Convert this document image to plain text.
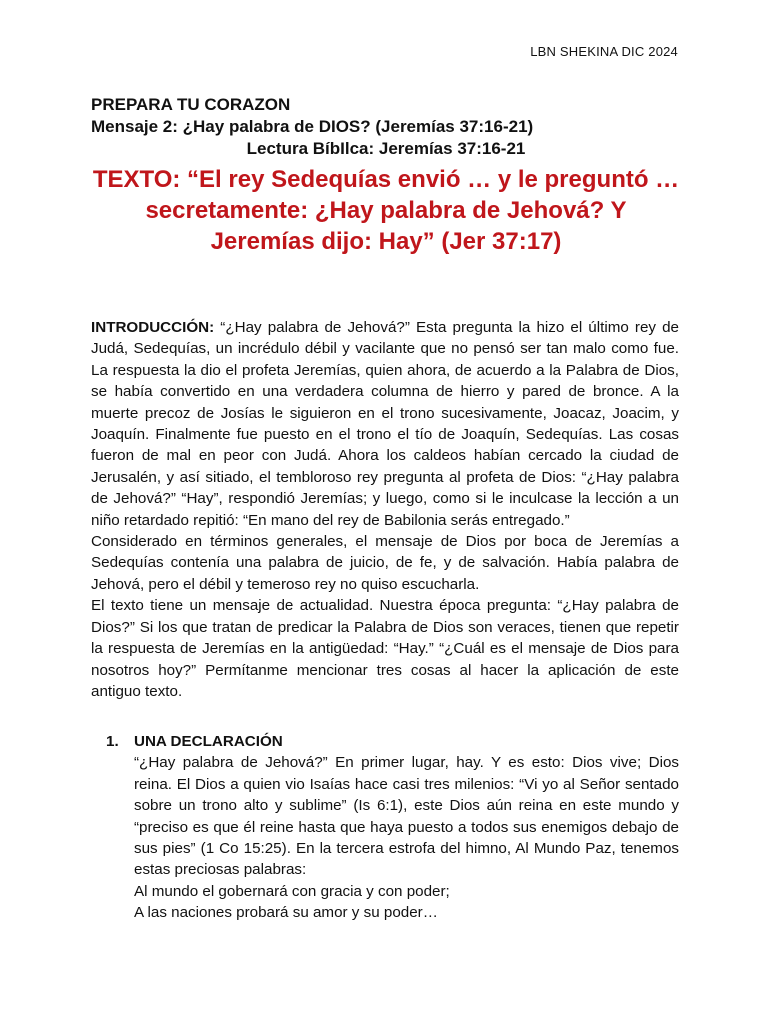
LBN SHEKINA DIC 2024
PREPARA TU CORAZON
Mensaje 2: ¿Hay palabra de DIOS? (Jeremías 37:16-21)
Lectura BíbIlca: Jeremías 37:16-21
TEXTO: “El rey Sedequías envió … y le preguntó … secretamente: ¿Hay palabra de Jehová? Y Jeremías dijo: Hay” (Jer 37:17)

INTRODUCCIÓN: “¿Hay palabra de Jehová?” Esta pregunta la hizo el último rey de Judá, Sedequías, un incrédulo débil y vacilante que no pensó ser tan malo como fue. La respuesta la dio el profeta Jeremías, quien ahora, de acuerdo a la Palabra de Dios, se había convertido en una verdadera columna de hierro y pared de bronce. A la muerte precoz de Josías le siguieron en el trono sucesivamente, Joacaz, Joacim, y Joaquín. Finalmente fue puesto en el trono el tío de Joaquín, Sedequías. Las cosas fueron de mal en peor con Judá. Ahora los caldeos habían cercado la ciudad de Jerusalén, y así sitiado, el tembloroso rey pregunta al profeta de Dios: “¿Hay palabra de Jehová?” “Hay”, respondió Jeremías; y luego, como si le inculcase la lección a un niño retardado repitió: “En mano del rey de Babilonia serás entregado.”

Considerado en términos generales, el mensaje de Dios por boca de Jeremías a Sedequías contenía una palabra de juicio, de fe, y de salvación. Había palabra de Jehová, pero el débil y temeroso rey no quiso escucharla.

El texto tiene un mensaje de actualidad. Nuestra época pregunta: “¿Hay palabra de Dios?” Si los que tratan de predicar la Palabra de Dios son veraces, tienen que repetir la respuesta de Jeremías en la antigüedad: “Hay.” “¿Cuál es el mensaje de Dios para nosotros hoy?” Permítanme mencionar tres cosas al hacer la aplicación de este antiguo texto.

1.	UNA DECLARACIÓN

“¿Hay palabra de Jehová?” En primer lugar, hay. Y es esto: Dios vive; Dios reina. El Dios a quien vio Isaías hace casi tres milenios: “Vi yo al Señor sentado sobre un trono alto y sublime” (Is 6:1), este Dios aún reina en este mundo y “preciso es que él reine hasta que haya puesto a todos sus enemigos debajo de sus pies” (1 Co 15:25). En la tercera estrofa del himno, Al Mundo Paz, tenemos estas preciosas palabras:

Al mundo el gobernará con gracia y con poder;

A las naciones probará su amor y su poder…
